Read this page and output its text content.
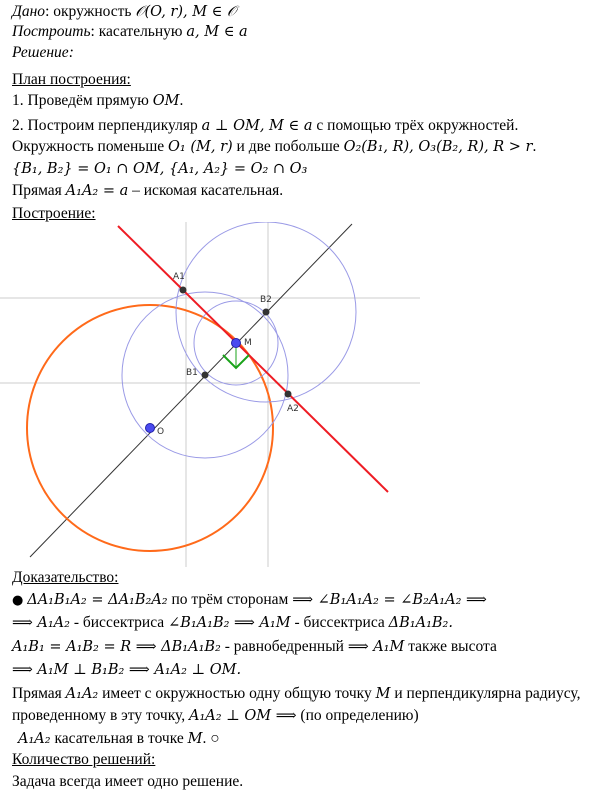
Дано: окружность 𝒪(O, r), M ∈ 𝒪
Построить: касательную a, M ∈ a
Решение:
План построения:
1. Проведём прямую OM.
2. Построим перпендикуляр a ⊥ OM, M ∈ a с помощью трёх окружностей.
Окружность поменьше O₁ (M, r) и две побольше O₂(B₁, R), O₃(B₂, R), R > r.
{B₁, B₂} = O₁ ∩ OM, {A₁, A₂} = O₂ ∩ O₃
Прямая A₁A₂ = a – искомая касательная.
Построение:
A1
A2
B2
B1
M
O
Доказательство:
● ΔA₁B₁A₂ = ΔA₁B₂A₂ по трём сторонам ⟹ ∠B₁A₁A₂ = ∠B₂A₁A₂ ⟹
⟹ A₁A₂ - биссектриса ∠B₁A₁B₂ ⟹ A₁M - биссектриса ΔB₁A₁B₂.
A₁B₁ = A₁B₂ = R ⟹ ΔB₁A₁B₂ - равнобедренный ⟹ A₁M также высота
⟹ A₁M ⊥ B₁B₂ ⟹ A₁A₂ ⊥ OM.
Прямая A₁A₂ имеет с окружностью одну общую точку M и перпендикулярна радиусу,
проведенному в эту точку, A₁A₂ ⊥ OM ⟹ (по определению)
A₁A₂ касательная в точке M. ○
Количество решений:
Задача всегда имеет одно решение.
